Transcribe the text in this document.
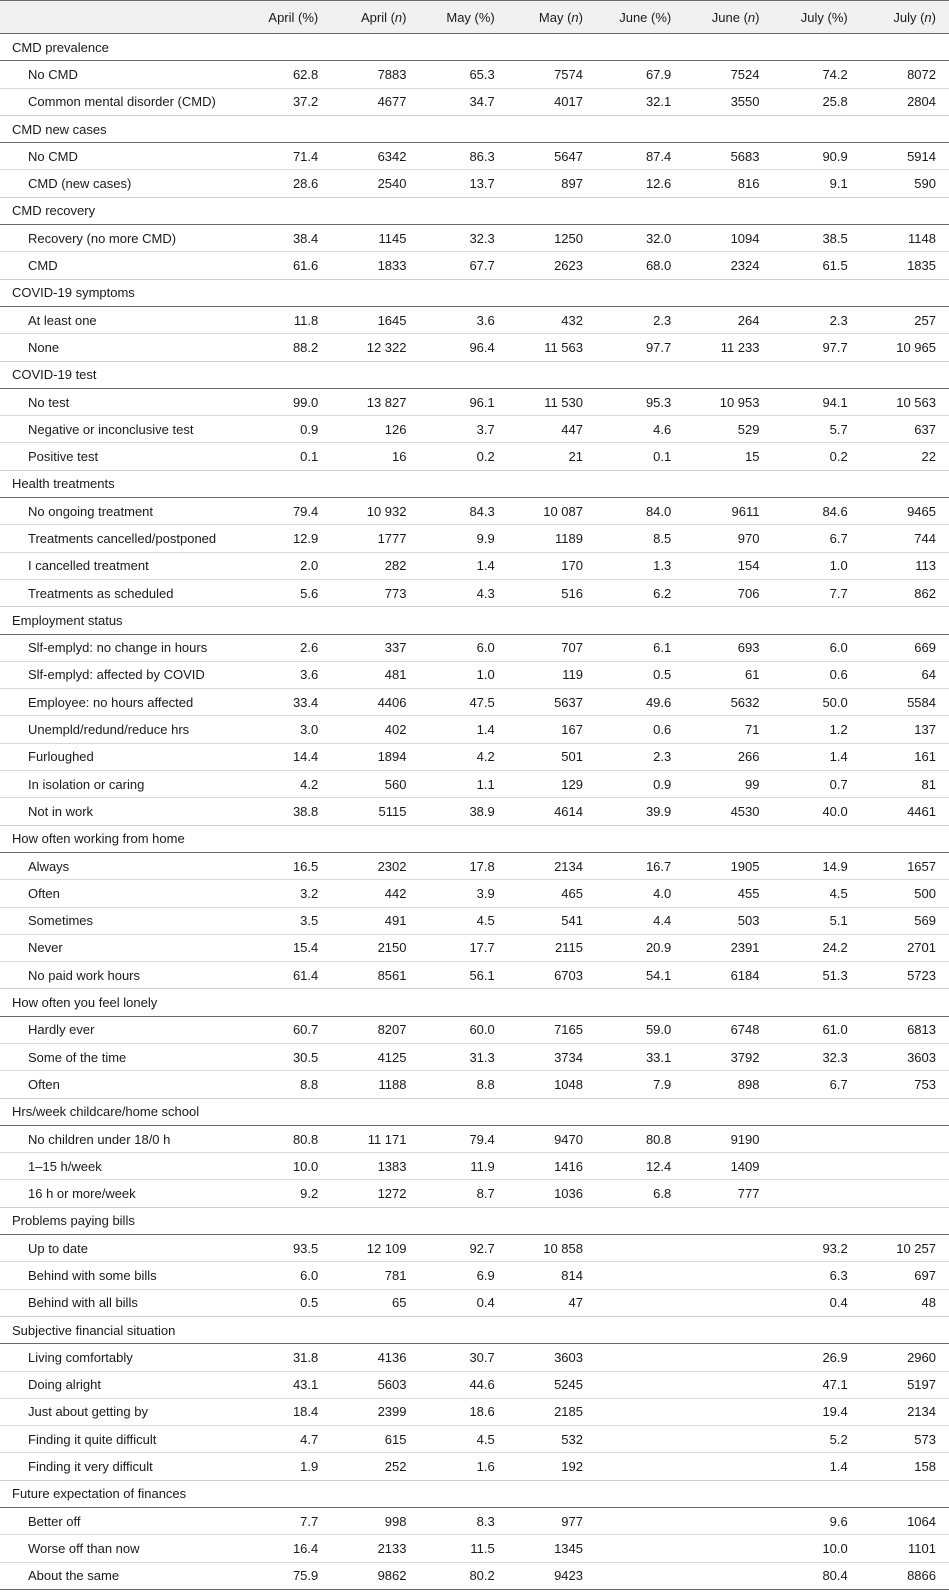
	April (%)	April (n)	May (%)	May (n)	June (%)	June (n)	July (%)	July (n)
CMD prevalence								
No CMD	62.8	7883	65.3	7574	67.9	7524	74.2	8072
Common mental disorder (CMD)	37.2	4677	34.7	4017	32.1	3550	25.8	2804
CMD new cases								
No CMD	71.4	6342	86.3	5647	87.4	5683	90.9	5914
CMD (new cases)	28.6	2540	13.7	897	12.6	816	9.1	590
CMD recovery								
Recovery (no more CMD)	38.4	1145	32.3	1250	32.0	1094	38.5	1148
CMD	61.6	1833	67.7	2623	68.0	2324	61.5	1835
COVID-19 symptoms								
At least one	11.8	1645	3.6	432	2.3	264	2.3	257
None	88.2	12 322	96.4	11 563	97.7	11 233	97.7	10 965
COVID-19 test								
No test	99.0	13 827	96.1	11 530	95.3	10 953	94.1	10 563
Negative or inconclusive test	0.9	126	3.7	447	4.6	529	5.7	637
Positive test	0.1	16	0.2	21	0.1	15	0.2	22
Health treatments								
No ongoing treatment	79.4	10 932	84.3	10 087	84.0	9611	84.6	9465
Treatments cancelled/postponed	12.9	1777	9.9	1189	8.5	970	6.7	744
I cancelled treatment	2.0	282	1.4	170	1.3	154	1.0	113
Treatments as scheduled	5.6	773	4.3	516	6.2	706	7.7	862
Employment status								
Slf-emplyd: no change in hours	2.6	337	6.0	707	6.1	693	6.0	669
Slf-emplyd: affected by COVID	3.6	481	1.0	119	0.5	61	0.6	64
Employee: no hours affected	33.4	4406	47.5	5637	49.6	5632	50.0	5584
Unempld/redund/reduce hrs	3.0	402	1.4	167	0.6	71	1.2	137
Furloughed	14.4	1894	4.2	501	2.3	266	1.4	161
In isolation or caring	4.2	560	1.1	129	0.9	99	0.7	81
Not in work	38.8	5115	38.9	4614	39.9	4530	40.0	4461
How often working from home								
Always	16.5	2302	17.8	2134	16.7	1905	14.9	1657
Often	3.2	442	3.9	465	4.0	455	4.5	500
Sometimes	3.5	491	4.5	541	4.4	503	5.1	569
Never	15.4	2150	17.7	2115	20.9	2391	24.2	2701
No paid work hours	61.4	8561	56.1	6703	54.1	6184	51.3	5723
How often you feel lonely								
Hardly ever	60.7	8207	60.0	7165	59.0	6748	61.0	6813
Some of the time	30.5	4125	31.3	3734	33.1	3792	32.3	3603
Often	8.8	1188	8.8	1048	7.9	898	6.7	753
Hrs/week childcare/home school								
No children under 18/0 h	80.8	11 171	79.4	9470	80.8	9190		
1–15 h/week	10.0	1383	11.9	1416	12.4	1409		
16 h or more/week	9.2	1272	8.7	1036	6.8	777		
Problems paying bills								
Up to date	93.5	12 109	92.7	10 858			93.2	10 257
Behind with some bills	6.0	781	6.9	814			6.3	697
Behind with all bills	0.5	65	0.4	47			0.4	48
Subjective financial situation								
Living comfortably	31.8	4136	30.7	3603			26.9	2960
Doing alright	43.1	5603	44.6	5245			47.1	5197
Just about getting by	18.4	2399	18.6	2185			19.4	2134
Finding it quite difficult	4.7	615	4.5	532			5.2	573
Finding it very difficult	1.9	252	1.6	192			1.4	158
Future expectation of finances								
Better off	7.7	998	8.3	977			9.6	1064
Worse off than now	16.4	2133	11.5	1345			10.0	1101
About the same	75.9	9862	80.2	9423			80.4	8866
